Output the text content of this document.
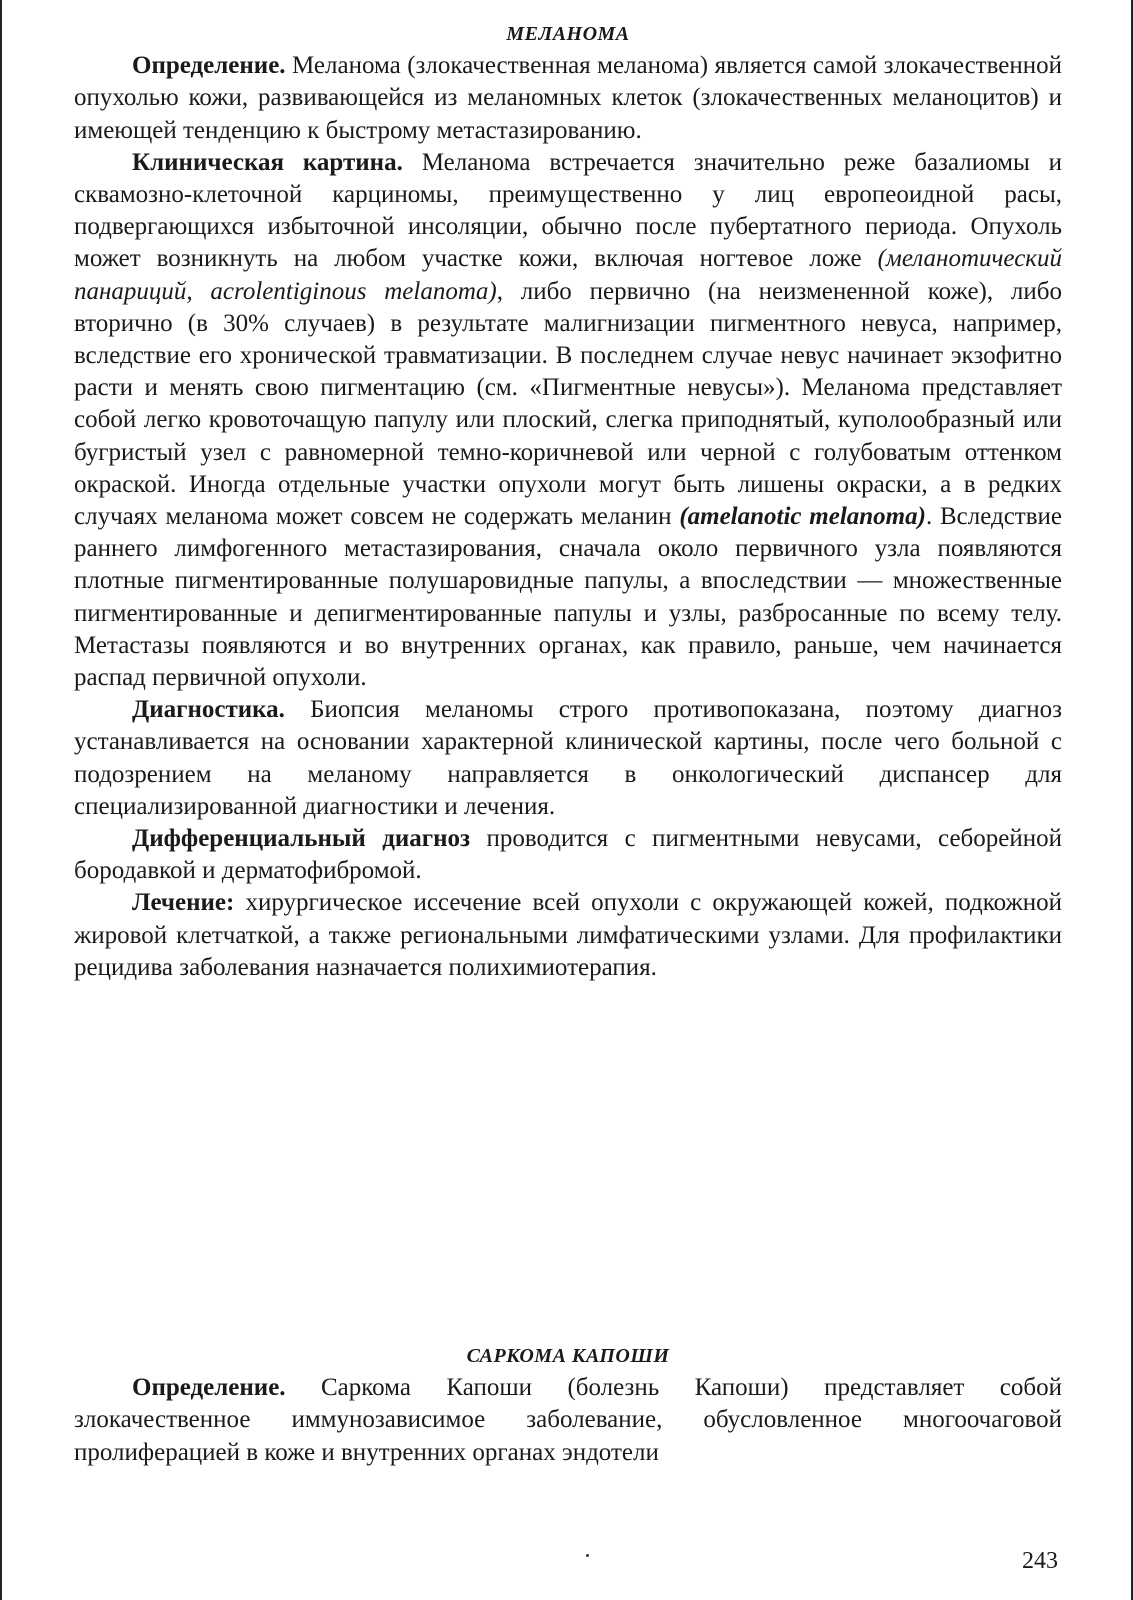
МЕЛАНОМА

Определение. Меланома (злокачественная меланома) является самой злокачественной опухолью кожи, развивающейся из меланомных клеток (злокачественных меланоцитов) и имеющей тенденцию к быстрому метастазированию.

Клиническая картина. Меланома встречается значительно реже базалиомы и сквамозно-клеточной карциномы, преимущественно у лиц европеоидной расы, подвергающихся избыточной инсоляции, обычно после пубертатного периода. Опухоль может возникнуть на любом участке кожи, включая ногтевое ложе (меланотический панариций, acrolentiginous melanoma), либо первично (на неизмененной коже), либо вторично (в 30% случаев) в результате малигнизации пигментного невуса, например, вследствие его хронической травматизации. В последнем случае невус начинает экзофитно расти и менять свою пигментацию (см. «Пигментные невусы»). Меланома представляет собой легко кровоточащую папулу или плоский, слегка приподнятый, куполообразный или бугристый узел с равномерной темно-коричневой или черной с голубоватым оттенком окраской. Иногда отдельные участки опухоли могут быть лишены окраски, а в редких случаях меланома может совсем не содержать меланин (amelanotic melanoma). Вследствие раннего лимфогенного метастазирования, сначала около первичного узла появляются плотные пигментированные полушаровидные папулы, а впоследствии — множественные пигментированные и депигментированные папулы и узлы, разбросанные по всему телу. Метастазы появляются и во внутренних органах, как правило, раньше, чем начинается распад первичной опухоли.

Диагностика. Биопсия меланомы строго противопоказана, поэтому диагноз устанавливается на основании характерной клинической картины, после чего больной с подозрением на меланому направляется в онкологический диспансер для специализированной диагностики и лечения.

Дифференциальный диагноз проводится с пигментными невусами, себорейной бородавкой и дерматофибромой.

Лечение: хирургическое иссечение всей опухоли с окружающей кожей, подкожной жировой клетчаткой, а также региональными лимфатическими узлами. Для профилактики рецидива заболевания назначается полихимиотерапия.

САРКОМА КАПОШИ

Определение. Саркома Капоши (болезнь Капоши) представляет собой злокачественное иммунозависимое заболевание, обусловленное многоочаговой пролиферацией в коже и внутренних органах эндотели

243
